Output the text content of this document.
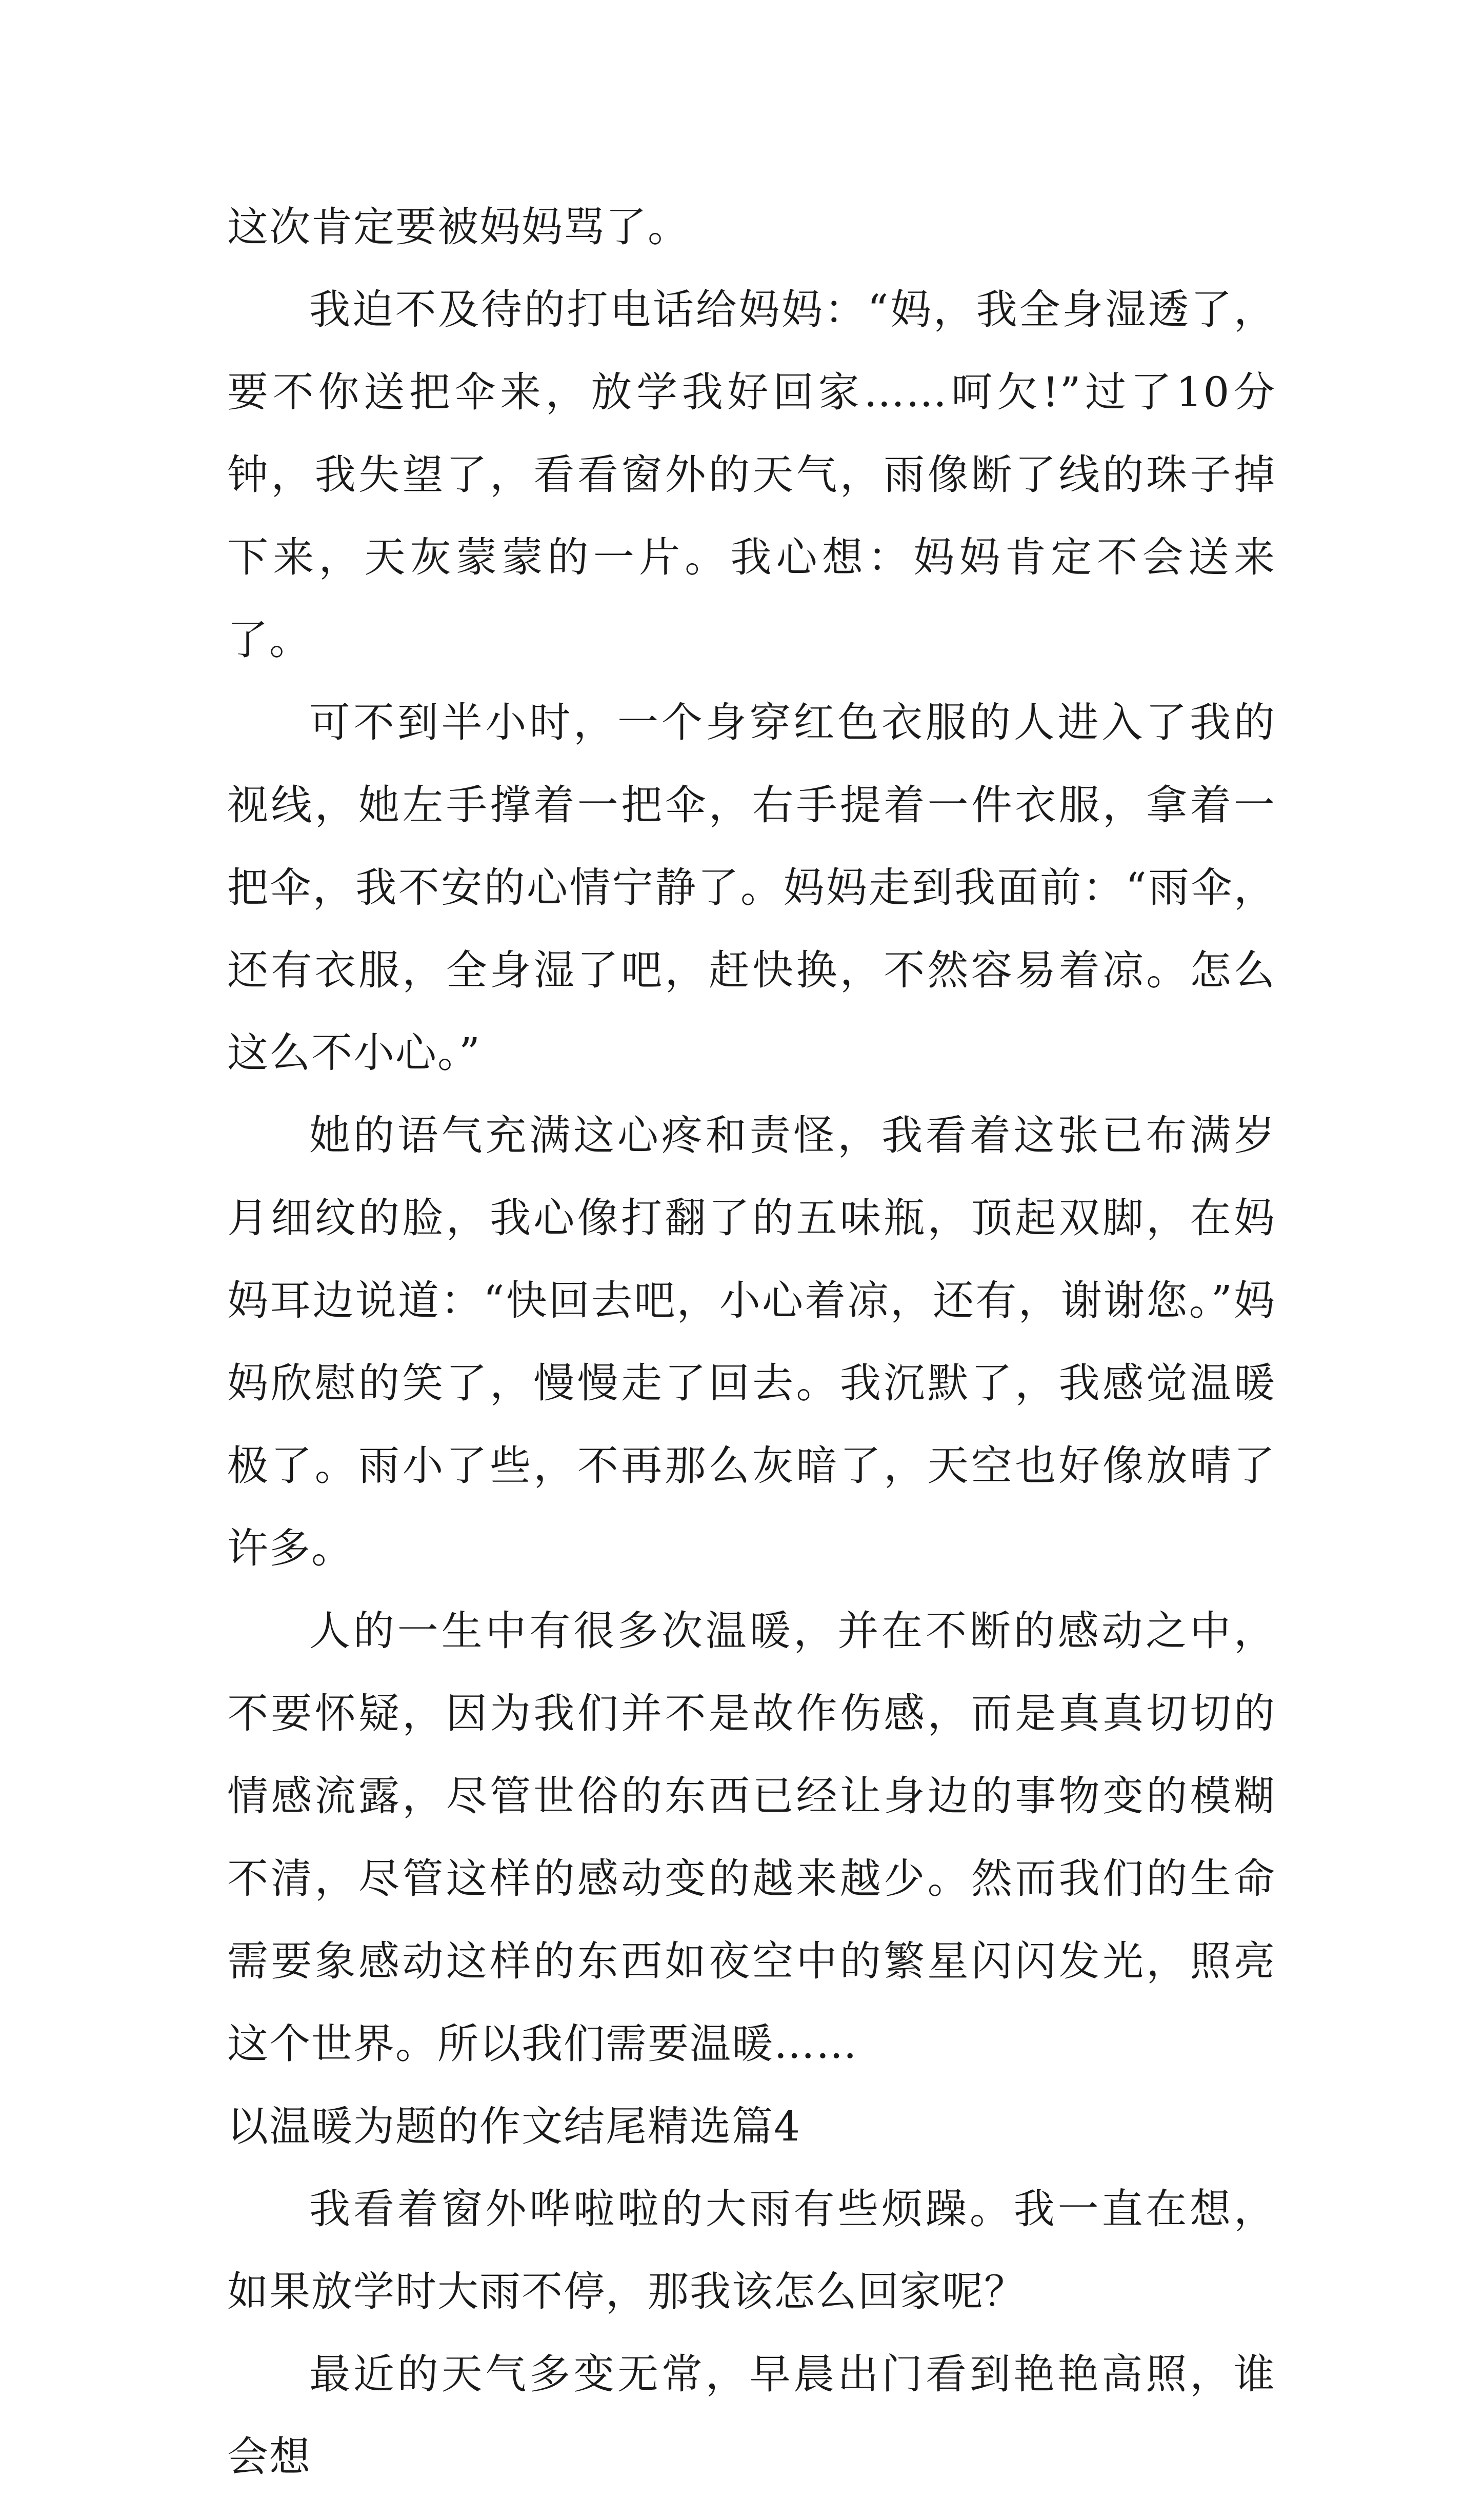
这次肯定要被妈妈骂了。

我迫不及待的打电话给妈妈：“妈，我全身湿透了，要不你送把伞来，放学我好回家……呵欠!”过了10分钟，我失望了，看看窗外的天气，雨像断了线的珠子掉下来，天灰蒙蒙的一片。我心想：妈妈肯定不会送来了。

可不到半小时，一个身穿红色衣服的人进入了我的视线，她左手撑着一把伞，右手提着一件衣服，拿着一把伞，我不安的心情宁静了。妈妈走到我面前：“雨伞，还有衣服，全身湿了吧，赶快换，不然容易着凉。怎么这么不小心。”

她的语气充满这心疼和责怪，我看着这张已布满岁月细纹的脸，我心像打翻了的五味瓶，顶起双脚，在妈妈耳边说道：“快回去吧，小心着凉，还有，谢谢您。”妈妈欣慰的笑了，慢慢走了回去。我沉默了，我感觉温暖极了。雨小了些，不再那么灰暗了，天空也好像放晴了许多。

人的一生中有很多次温暖，并在不断的感动之中，不要怀疑，因为我们并不是故作伤感，而是真真切切的情感流露，尽管世俗的东西已经让身边的事物变的模糊不清，尽管这样的感动变的越来越少。然而我们的生命需要象感动这样的东西如夜空中的繁星闪闪发光，照亮这个世界。所以我们需要温暖……

以温暖为题的作文结尾精选篇4

我看着窗外哗啦啦的大雨有些烦躁。我一直在想，如果放学时大雨不停，那我该怎么回家呢？

最近的天气多变无常，早晨出门看到艳艳高照，谁会想
